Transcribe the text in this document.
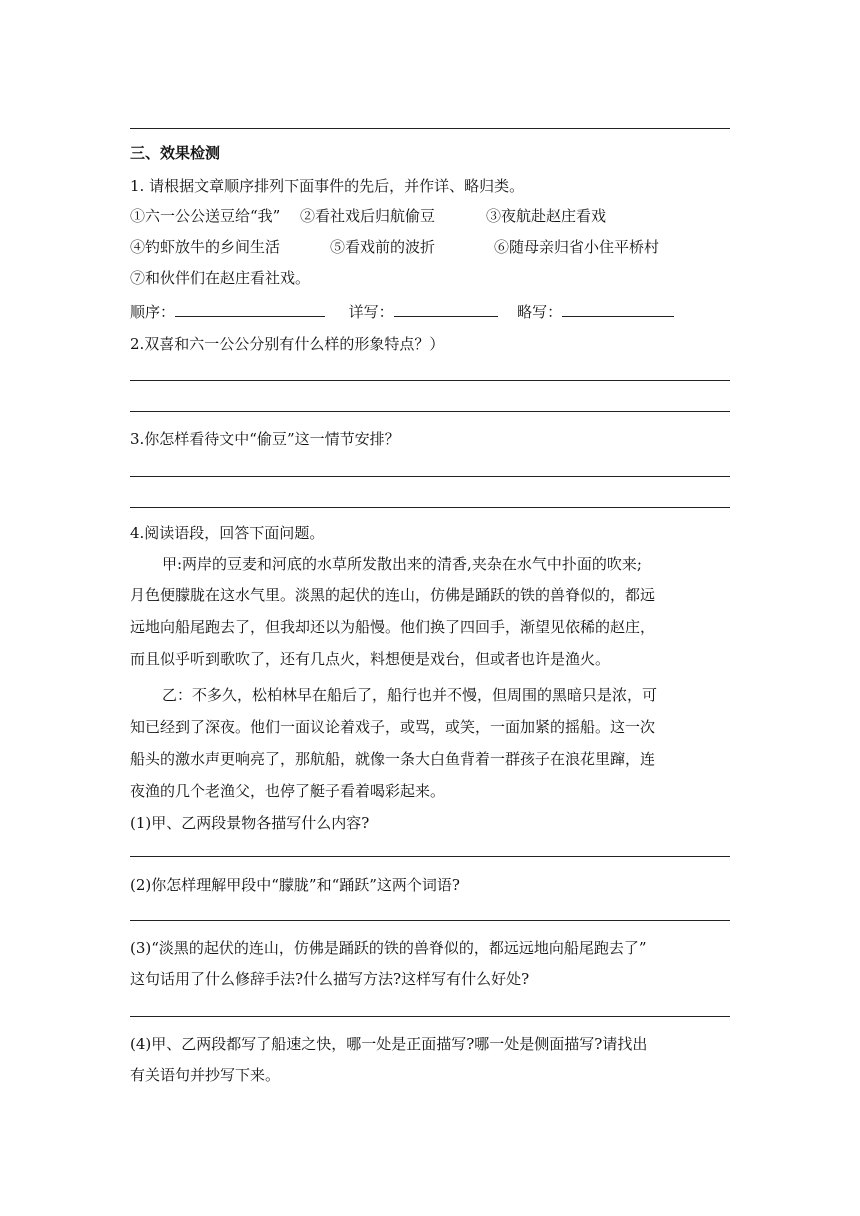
三、效果检测
1. 请根据文章顺序排列下面事件的先后，并作详、略归类。
①六一公公送豆给“我” ②看社戏后归航偷豆	③夜航赴赵庄看戏
④钓虾放牛的乡间生活	⑤看戏前的波折	⑥随母亲归省小住平桥村
⑦和伙伴们在赵庄看社戏。
顺序：	详写：	略写：
2.双喜和六一公公分别有什么样的形象特点？）
3.你怎样看待文中“偷豆”这一情节安排？
4.阅读语段，回答下面问题。
甲:两岸的豆麦和河底的水草所发散出来的清香,夹杂在水气中扑面的吹来;
月色便朦胧在这水气里。淡黑的起伏的连山，仿佛是踊跃的铁的兽脊似的，都远
远地向船尾跑去了，但我却还以为船慢。他们换了四回手，渐望见依稀的赵庄，
而且似乎听到歌吹了，还有几点火，料想便是戏台，但或者也许是渔火。
乙：不多久，松柏林早在船后了，船行也并不慢，但周围的黑暗只是浓，可
知已经到了深夜。他们一面议论着戏子，或骂，或笑，一面加紧的摇船。这一次
船头的激水声更响亮了，那航船，就像一条大白鱼背着一群孩子在浪花里蹿，连
夜渔的几个老渔父，也停了艇子看着喝彩起来。
(1)甲、乙两段景物各描写什么内容?
(2)你怎样理解甲段中“朦胧”和“踊跃”这两个词语?
(3)“淡黑的起伏的连山，仿佛是踊跃的铁的兽脊似的，都远远地向船尾跑去了”
这句话用了什么修辞手法?什么描写方法?这样写有什么好处?
(4)甲、乙两段都写了船速之快，哪一处是正面描写?哪一处是侧面描写?请找出
有关语句并抄写下来。
